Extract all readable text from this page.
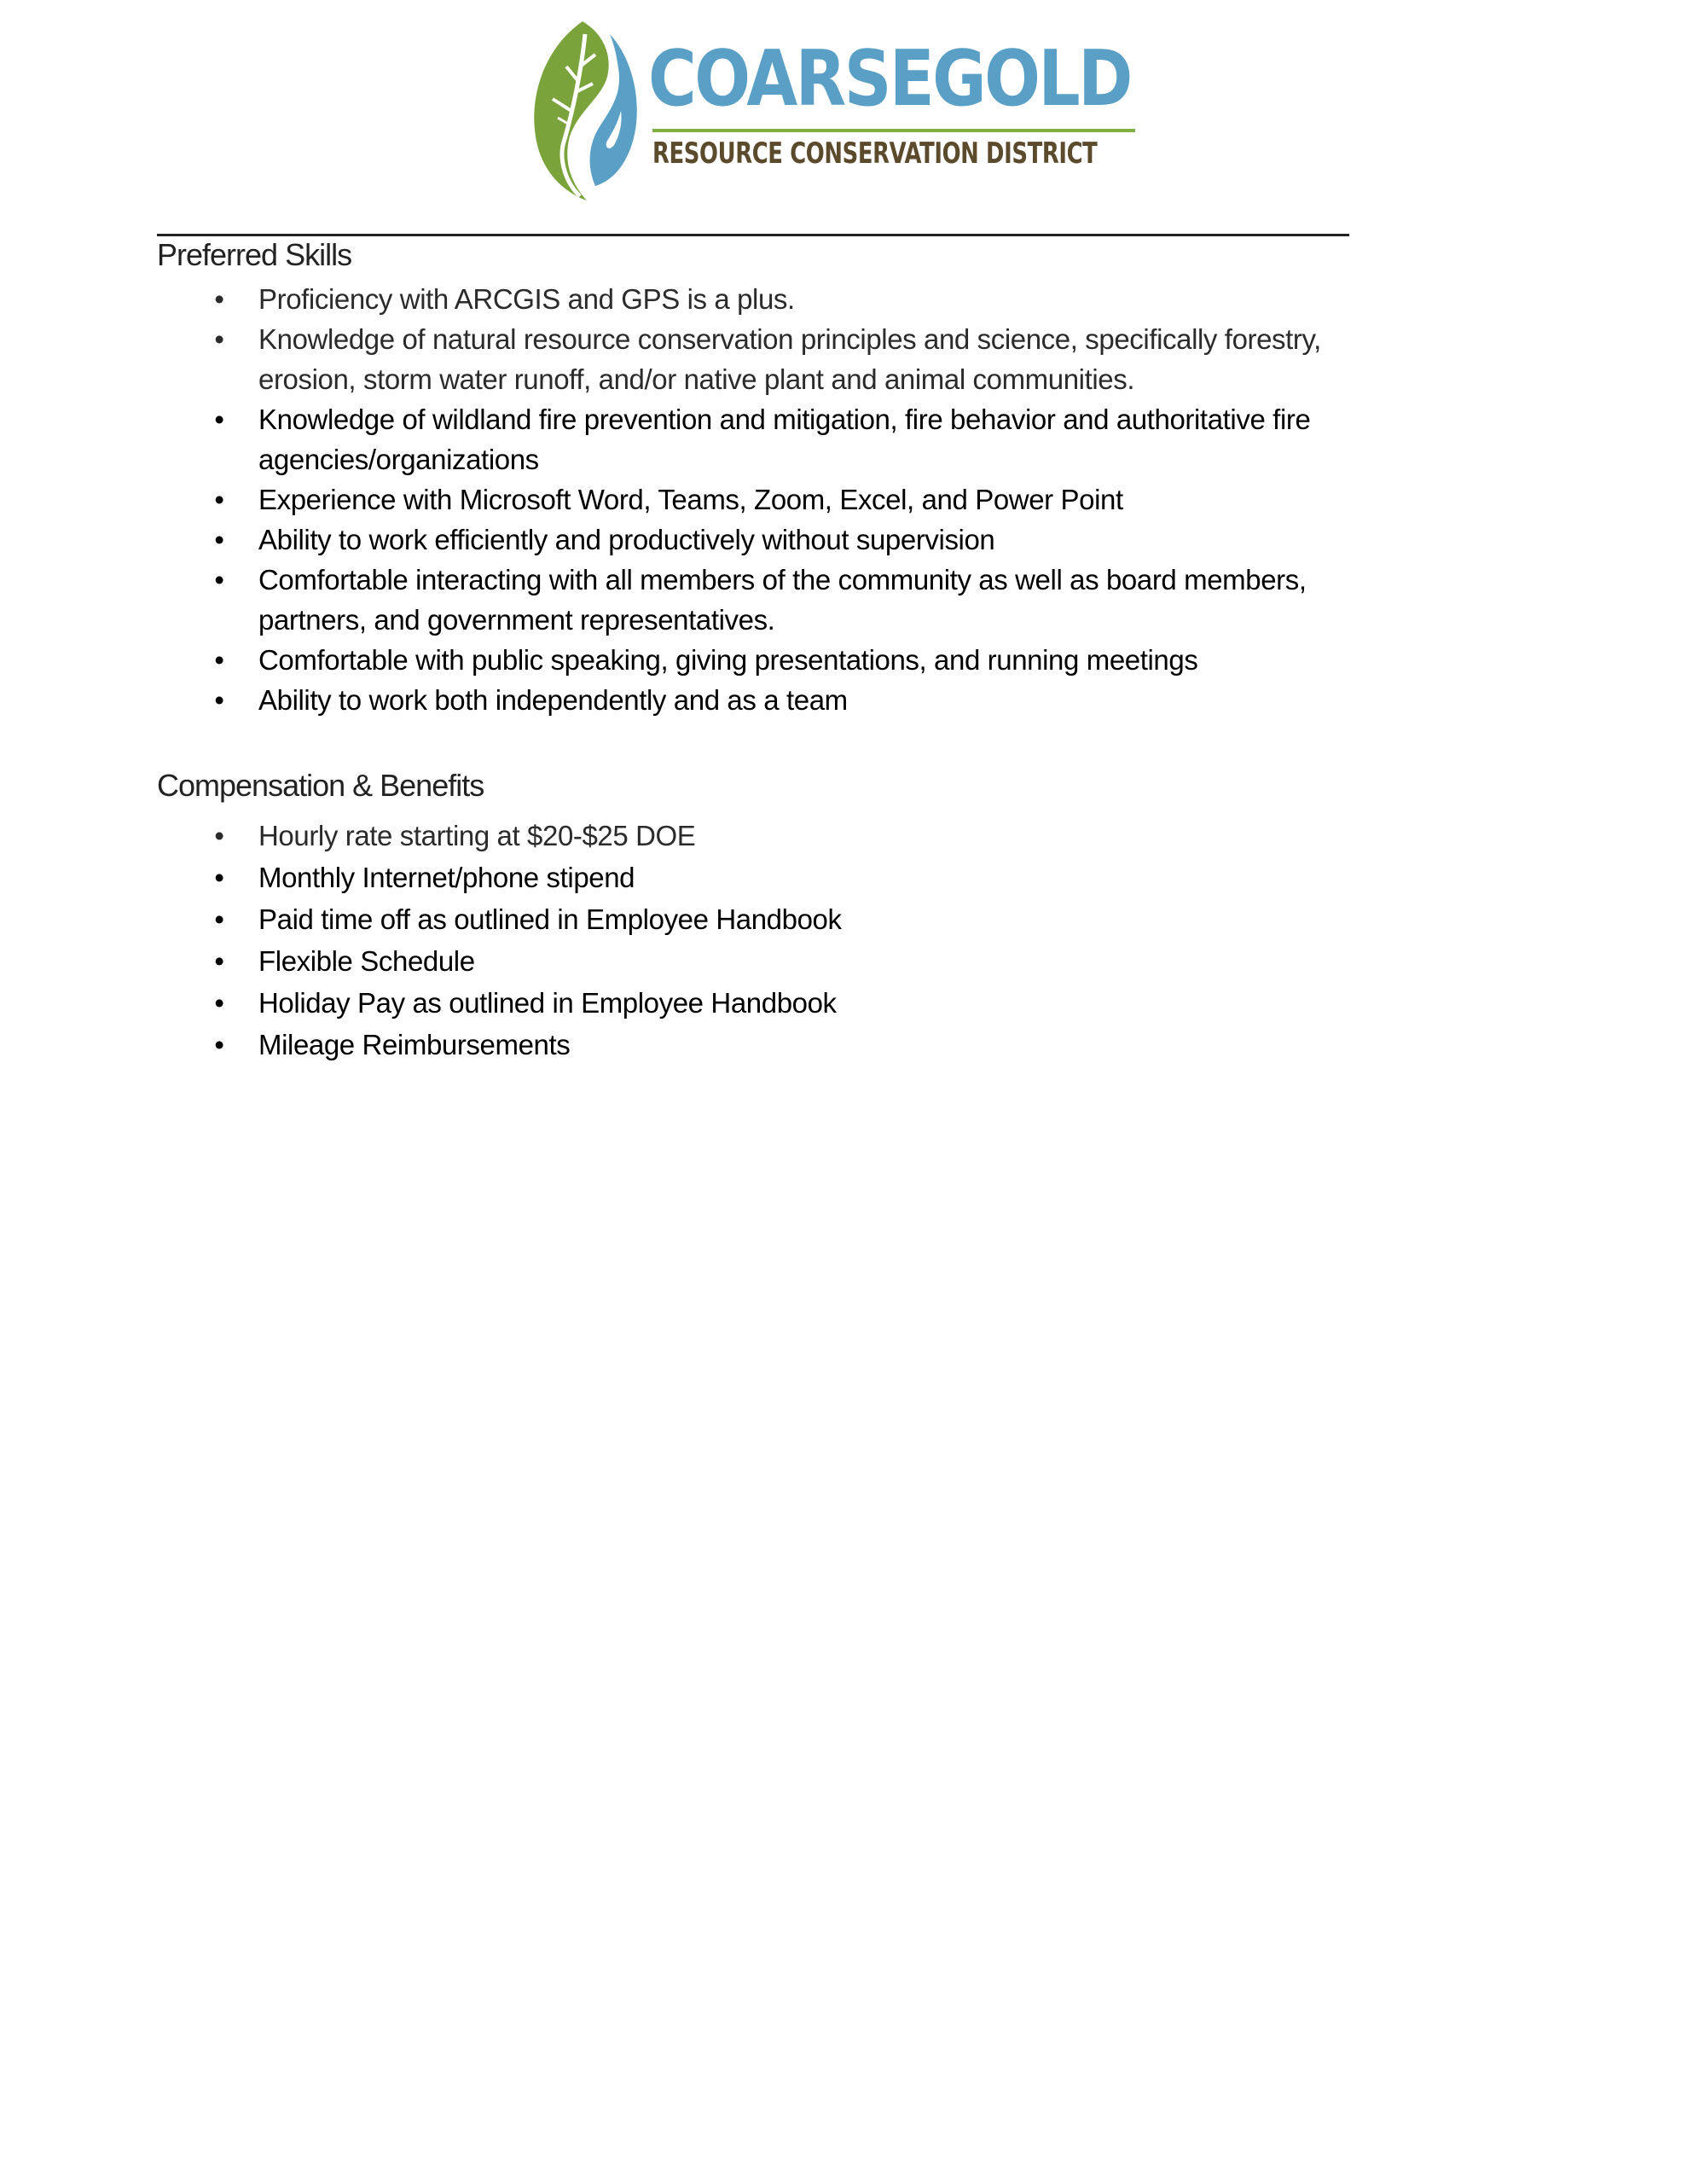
COARSEGOLD
RESOURCE CONSERVATION DISTRICT
Preferred Skills
• Proficiency with ARCGIS and GPS is a plus.
• Knowledge of natural resource conservation principles and science, specifically forestry,
erosion, storm water runoff, and/or native plant and animal communities.
• Knowledge of wildland fire prevention and mitigation, fire behavior and authoritative fire
agencies/organizations
• Experience with Microsoft Word, Teams, Zoom, Excel, and Power Point
• Ability to work efficiently and productively without supervision
• Comfortable interacting with all members of the community as well as board members,
partners, and government representatives.
• Comfortable with public speaking, giving presentations, and running meetings
• Ability to work both independently and as a team
Compensation & Benefits
• Hourly rate starting at $20-$25 DOE
• Monthly Internet/phone stipend
• Paid time off as outlined in Employee Handbook
• Flexible Schedule
• Holiday Pay as outlined in Employee Handbook
• Mileage Reimbursements
